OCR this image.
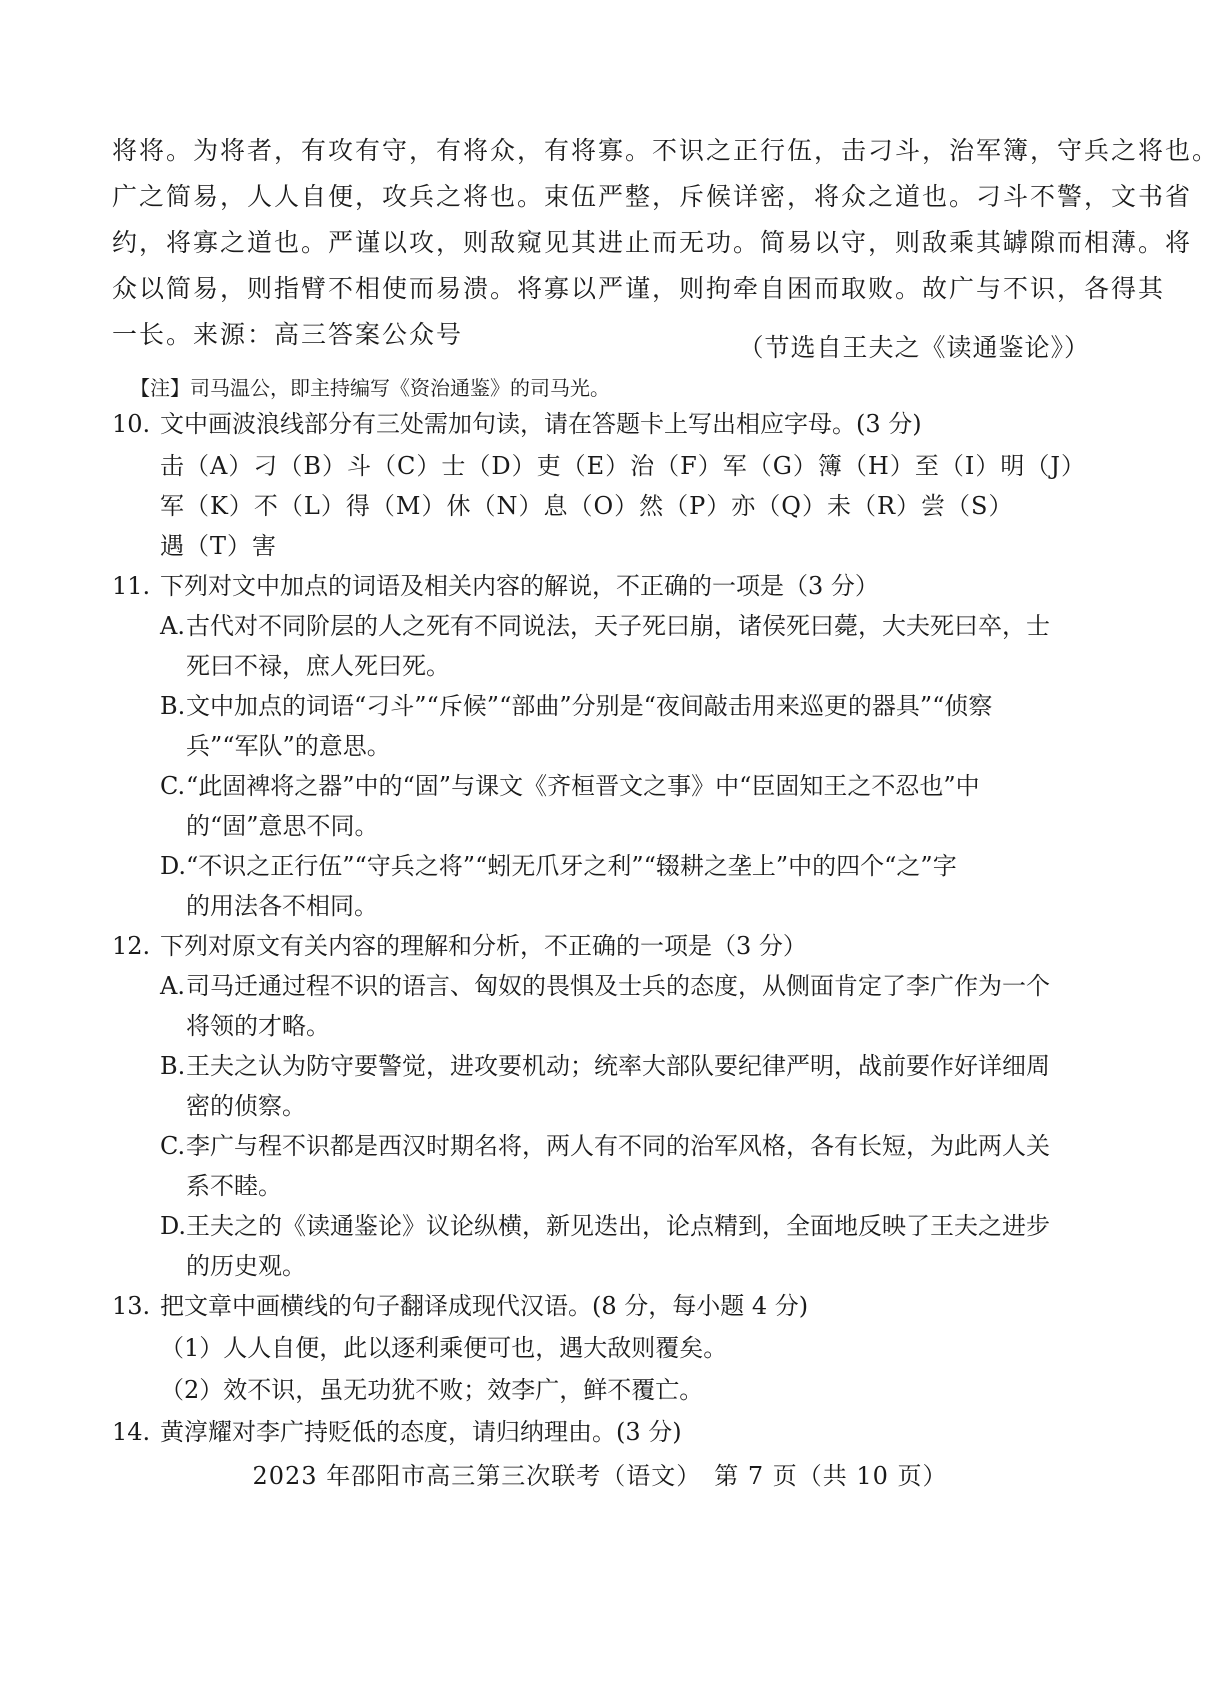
将将。为将者，有攻有守，有将众，有将寡。不识之正行伍，击刁斗，治军簿，守兵之将也。
广之简易，人人自便，攻兵之将也。束伍严整，斥候详密，将众之道也。刁斗不警，文书省
约，将寡之道也。严谨以攻，则敌窥见其进止而无功。简易以守，则敌乘其罅隙而相薄。将
众以简易，则指臂不相使而易溃。将寡以严谨，则拘牵自困而取败。故广与不识，各得其
一长。来源：高三答案公众号	（节选自王夫之《读通鉴论》）
【注】司马温公，即主持编写《资治通鉴》的司马光。
10. 文中画波浪线部分有三处需加句读，请在答题卡上写出相应字母。(3 分)
击（A）刁（B）斗（C）士（D）吏（E）治（F）军（G）簿（H）至（I）明（J）
军（K）不（L）得（M）休（N）息（O）然（P）亦（Q）未（R）尝（S）
遇（T）害
11. 下列对文中加点的词语及相关内容的解说，不正确的一项是（3 分）
A. 古代对不同阶层的人之死有不同说法，天子死曰崩，诸侯死曰薨，大夫死曰卒，士
死曰不禄，庶人死曰死。
B. 文中加点的词语“刁斗”“斥候”“部曲”分别是“夜间敲击用来巡更的器具”“侦察
兵”“军队”的意思。
C. “此固裨将之器”中的“固”与课文《齐桓晋文之事》中“臣固知王之不忍也”中
的“固”意思不同。
D. “不识之正行伍”“守兵之将”“蚓无爪牙之利”“辍耕之垄上”中的四个“之”字
的用法各不相同。
12. 下列对原文有关内容的理解和分析，不正确的一项是（3 分）
A. 司马迁通过程不识的语言、匈奴的畏惧及士兵的态度，从侧面肯定了李广作为一个
将领的才略。
B. 王夫之认为防守要警觉，进攻要机动；统率大部队要纪律严明，战前要作好详细周
密的侦察。
C. 李广与程不识都是西汉时期名将，两人有不同的治军风格，各有长短，为此两人关
系不睦。
D. 王夫之的《读通鉴论》议论纵横，新见迭出，论点精到，全面地反映了王夫之进步
的历史观。
13. 把文章中画横线的句子翻译成现代汉语。(8 分，每小题 4 分)
（1）人人自便，此以逐利乘便可也，遇大敌则覆矣。
（2）效不识，虽无功犹不败；效李广，鲜不覆亡。
14. 黄淳耀对李广持贬低的态度，请归纳理由。(3 分)
2023 年邵阳市高三第三次联考（语文）　第 7 页（共 10 页）
